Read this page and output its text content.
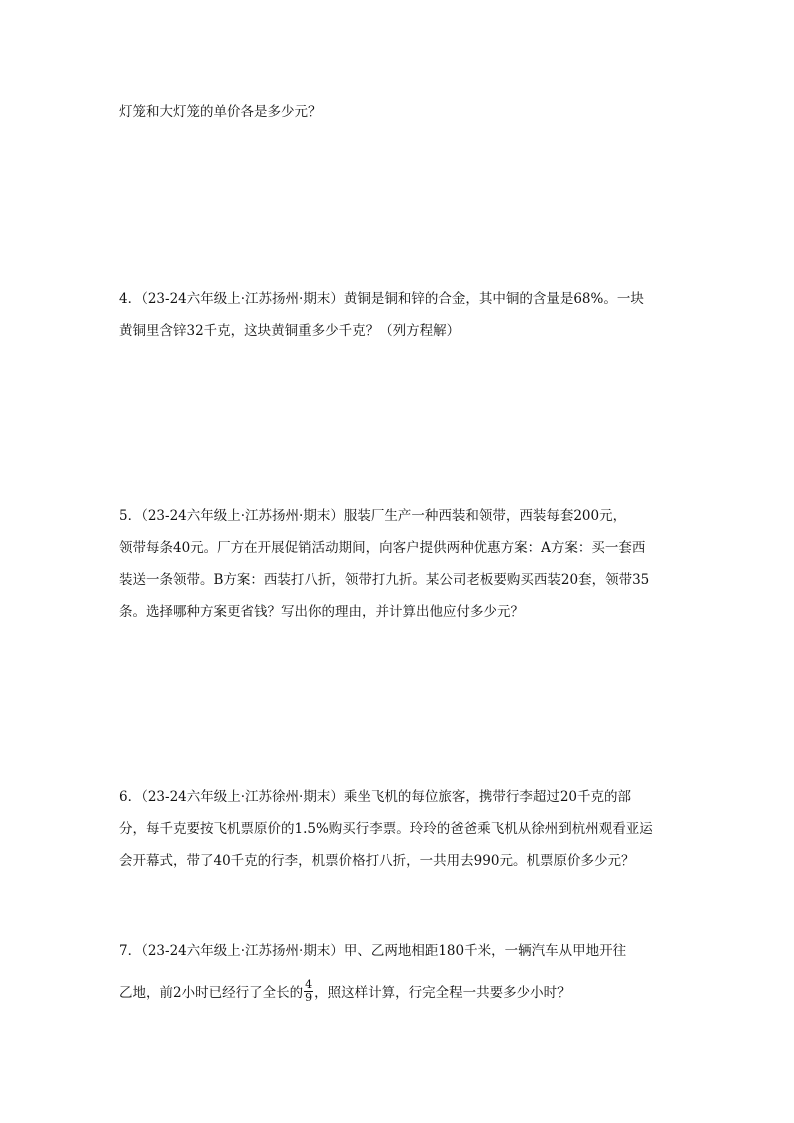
灯笼和大灯笼的单价各是多少元？
4．（23-24六年级上·江苏扬州·期末）黄铜是铜和锌的合金，其中铜的含量是68%。一块
黄铜里含锌32千克，这块黄铜重多少千克？（列方程解）
5．（23-24六年级上·江苏扬州·期末）服装厂生产一种西装和领带，西装每套200元，
领带每条40元。厂方在开展促销活动期间，向客户提供两种优惠方案：A方案：买一套西
装送一条领带。B方案：西装打八折，领带打九折。某公司老板要购买西装20套，领带35
条。选择哪种方案更省钱？写出你的理由，并计算出他应付多少元？
6．（23-24六年级上·江苏徐州·期末）乘坐飞机的每位旅客，携带行李超过20千克的部
分，每千克要按飞机票原价的1.5%购买行李票。玲玲的爸爸乘飞机从徐州到杭州观看亚运
会开幕式，带了40千克的行李，机票价格打八折，一共用去990元。机票原价多少元？
7．（23-24六年级上·江苏扬州·期末）甲、乙两地相距180千米，一辆汽车从甲地开往
乙地，前2小时已经行了全长的 $\frac{4}{9}$ ，照这样计算，行完全程一共要多少小时？
